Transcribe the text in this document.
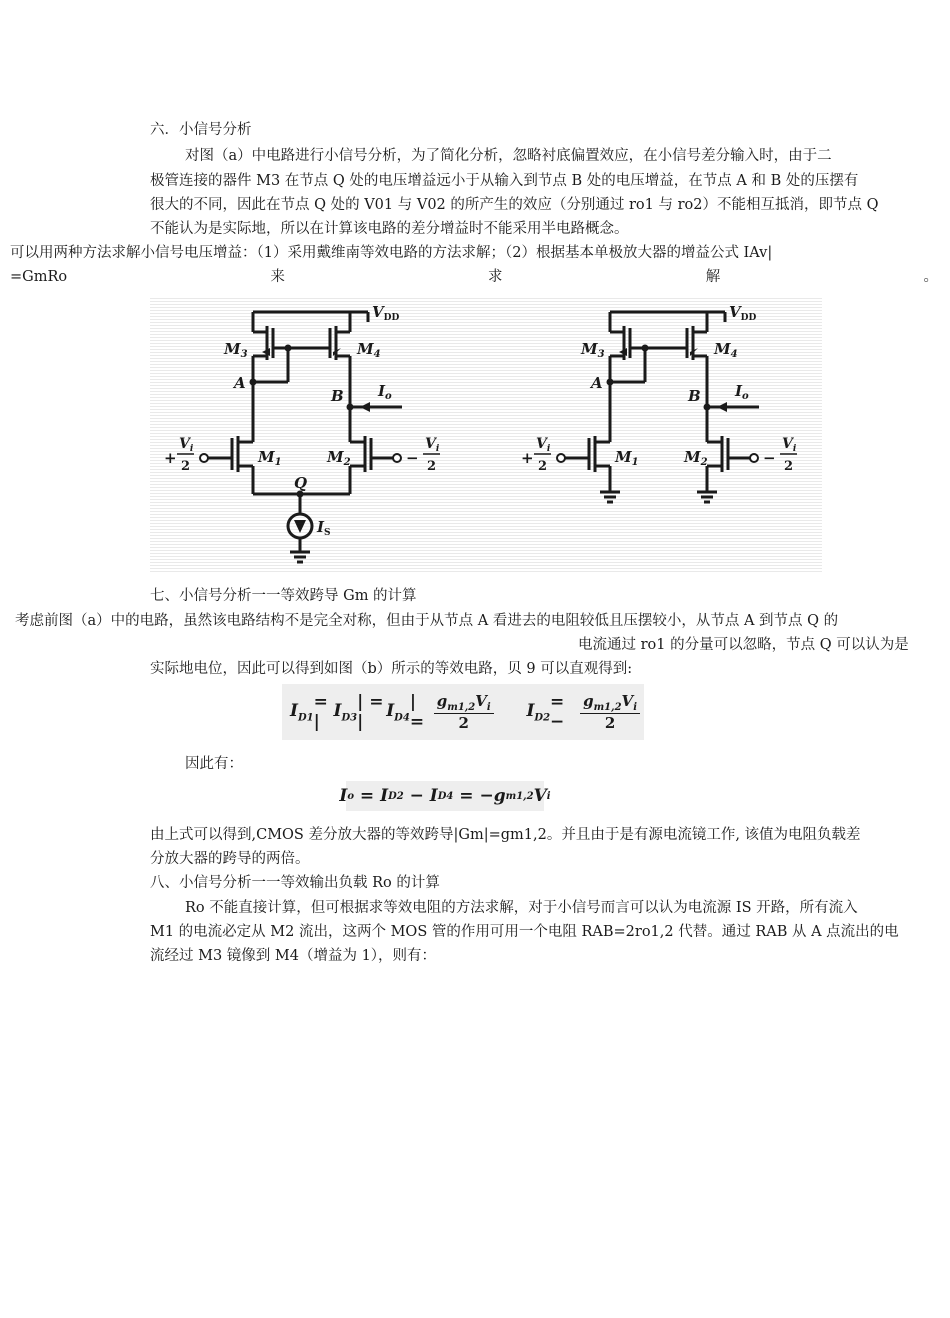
六．小信号分析
对图（a）中电路进行小信号分析，为了简化分析，忽略衬底偏置效应，在小信号差分输入时，由于二
极管连接的器件 M3 在节点 Q 处的电压增益远小于从输入到节点 B 处的电压增益，在节点 A 和 B 处的压摆有
很大的不同，因此在节点 Q 处的 V01 与 V02 的所产生的效应（分别通过 ro1 与 ro2）不能相互抵消，即节点 Q
不能认为是实际地，所以在计算该电路的差分增益时不能采用半电路概念。
可以用两种方法求解小信号电压增益：（1）采用戴维南等效电路的方法求解；（2）根据基本单极放大器的增益公式 IAv|
=GmRo	来	求	解	。
$V_{DD}$
$M_3$	$M_4$
A
B $I_o$
$M_1$	$M_2$
Q
$I_S$
+
$V_i$
2	−
$V_i$
2
$V_{DD}$
$M_3$	$M_4$
A
B $I_o$
$M_1$	$M_2$
+
$V_i$
2	−
$V_i$
2
七、小信号分析一一等效跨导 Gm 的计算
考虑前图（a）中的电路，虽然该电路结构不是完全对称，但由于从节点 A 看进去的电阻较低且压摆较小，从节点 A 到节点 Q 的
电流通过 ro1 的分量可以忽略，节点 Q 可以认为是
实际地电位，因此可以得到如图（b）所示的等效电路，贝 9 可以直观得到:
$I_{D1}$
= |
$I_{D3}$
| = |
$I_{D4}$
| = $\frac{g_{m1,2}V_i}{2} I_{D2}$
= −	$\frac{g_{m1,2}V_i}{2}$
因此有：
I o = I D2 − I D4 = −g m1,2 V i
由上式可以得到,CMOS 差分放大器的等效跨导|Gm|=gm1,2。并且由于是有源电流镜工作, 该值为电阻负载差
分放大器的跨导的两倍。
八、小信号分析一一等效输出负载 Ro 的计算
Ro 不能直接计算，但可根据求等效电阻的方法求解，对于小信号而言可以认为电流源 IS 开路，所有流入
M1 的电流必定从 M2 流出，这两个 MOS 管的作用可用一个电阻 RAB=2ro1,2 代替。通过 RAB 从 A 点流出的电
流经过 M3 镜像到 M4（增益为 1），则有：
